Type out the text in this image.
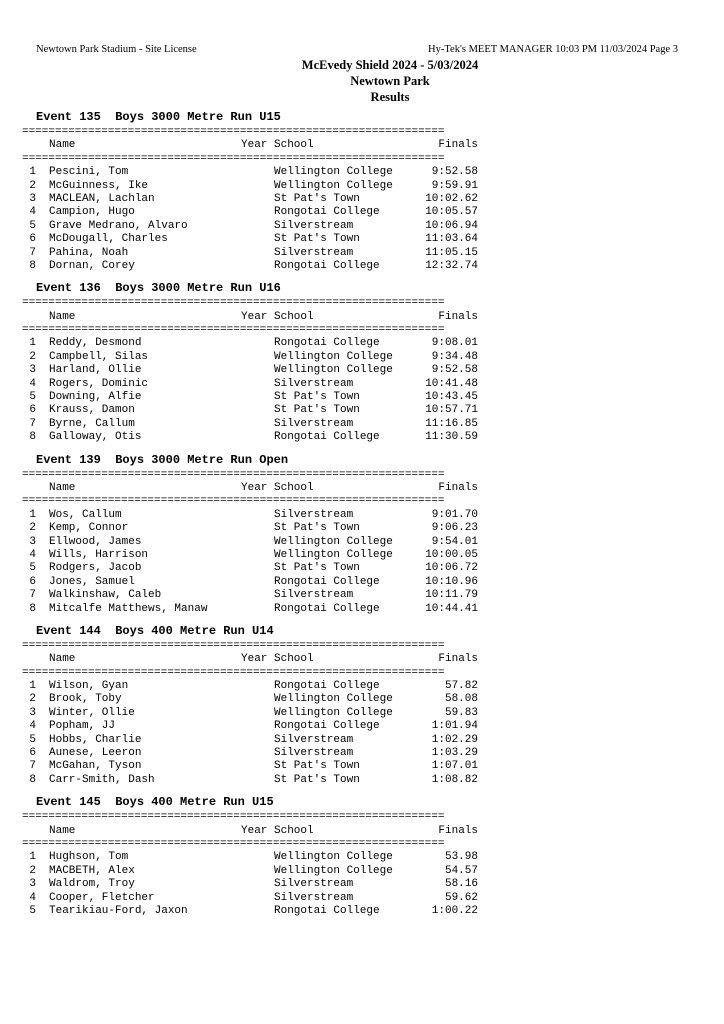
Newtown Park Stadium - Site License	Hy-Tek's MEET MANAGER 10:03 PM 11/03/2024 Page 3
McEvedy Shield 2024 - 5/03/2024
Newtown Park
Results
Event 135  Boys 3000 Metre Run U15
================================================================
Name	Year School	Finals
================================================================
1 Pescini, Tom	Wellington College	9:52.58
2 McGuinness, Ike	Wellington College	9:59.91
3 MACLEAN, Lachlan	St Pat's Town	10:02.62
4 Campion, Hugo	Rongotai College	10:05.57
5 Grave Medrano, Alvaro	Silverstream	10:06.94
6 McDougall, Charles	St Pat's Town	11:03.64
7 Pahina, Noah	Silverstream	11:05.15
8 Dornan, Corey	Rongotai College	12:32.74
Event 136  Boys 3000 Metre Run U16
================================================================
Name	Year School	Finals
================================================================
1 Reddy, Desmond	Rongotai College	9:08.01
2 Campbell, Silas	Wellington College	9:34.48
3 Harland, Ollie	Wellington College	9:52.58
4 Rogers, Dominic	Silverstream	10:41.48
5 Downing, Alfie	St Pat's Town	10:43.45
6 Krauss, Damon	St Pat's Town	10:57.71
7 Byrne, Callum	Silverstream	11:16.85
8 Galloway, Otis	Rongotai College	11:30.59
Event 139  Boys 3000 Metre Run Open
================================================================
Name	Year School	Finals
================================================================
1 Wos, Callum	Silverstream	9:01.70
2 Kemp, Connor	St Pat's Town	9:06.23
3 Ellwood, James	Wellington College	9:54.01
4 Wills, Harrison	Wellington College	10:00.05
5 Rodgers, Jacob	St Pat's Town	10:06.72
6 Jones, Samuel	Rongotai College	10:10.96
7 Walkinshaw, Caleb	Silverstream	10:11.79
8 Mitcalfe Matthews, Manaw	Rongotai College	10:44.41
Event 144  Boys 400 Metre Run U14
================================================================
Name	Year School	Finals
================================================================
1 Wilson, Gyan	Rongotai College	57.82
2 Brook, Toby	Wellington College	58.08
3 Winter, Ollie	Wellington College	59.83
4 Popham, JJ	Rongotai College	1:01.94
5 Hobbs, Charlie	Silverstream	1:02.29
6 Aunese, Leeron	Silverstream	1:03.29
7 McGahan, Tyson	St Pat's Town	1:07.01
8 Carr-Smith, Dash	St Pat's Town	1:08.82
Event 145  Boys 400 Metre Run U15
================================================================
Name	Year School	Finals
================================================================
1 Hughson, Tom	Wellington College	53.98
2 MACBETH, Alex	Wellington College	54.57
3 Waldrom, Troy	Silverstream	58.16
4 Cooper, Fletcher	Silverstream	59.62
5 Tearikiau-Ford, Jaxon	Rongotai College	1:00.22
